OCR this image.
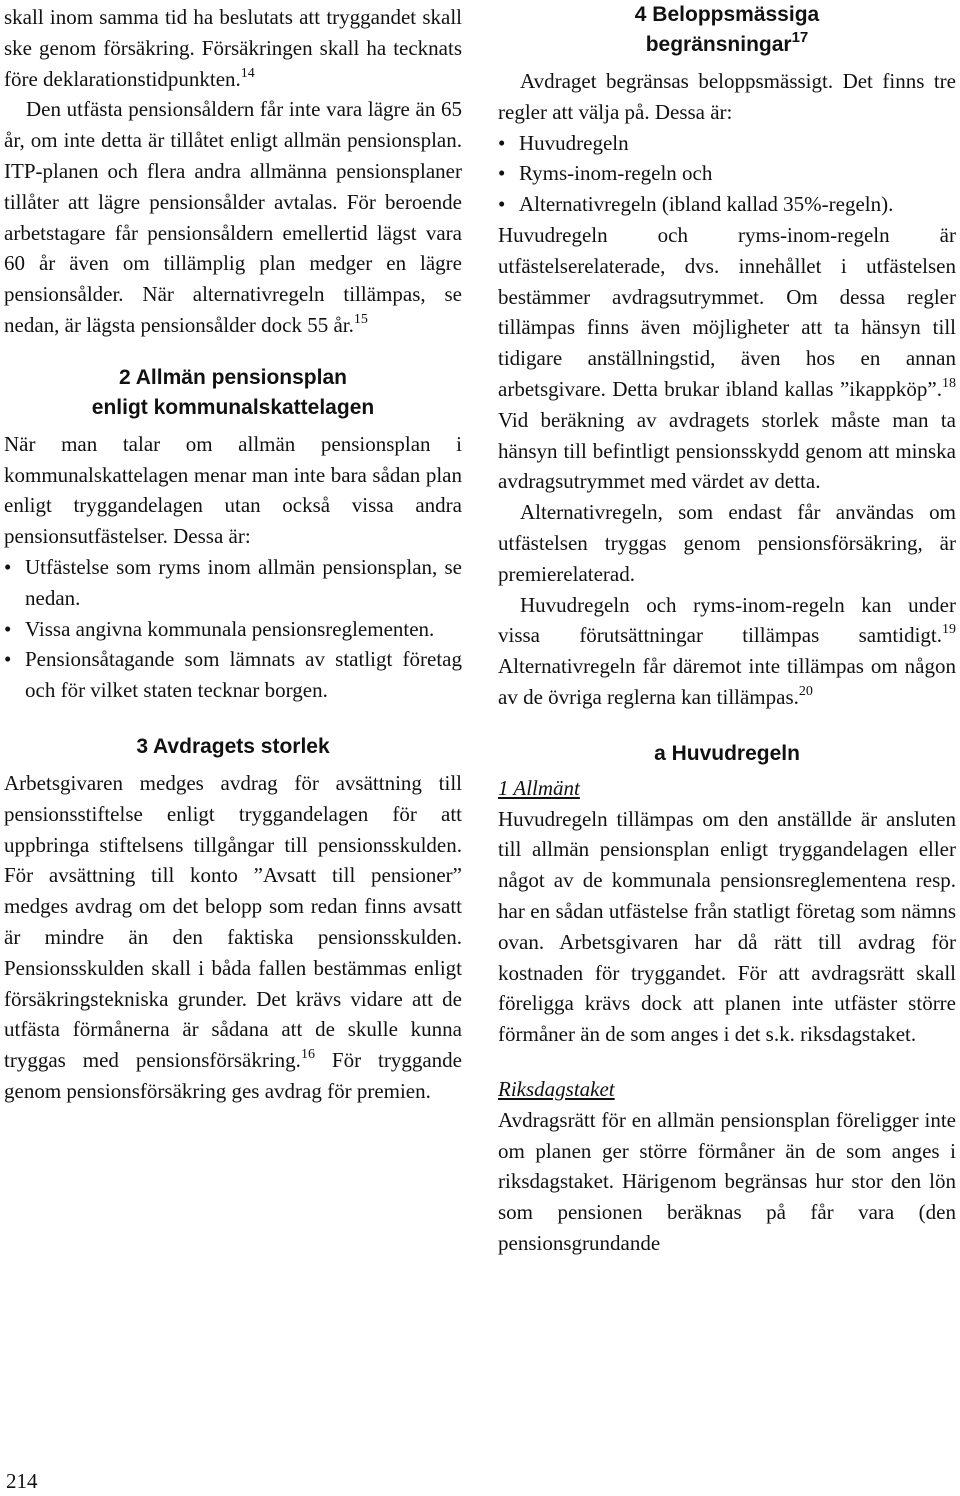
skall inom samma tid ha beslutats att tryggandet skall ske genom försäkring. Försäkringen skall ha tecknats före deklarationstidpunkten.$^{14}$

Den utfästa pensionsåldern får inte vara lägre än 65 år, om inte detta är tillåtet enligt allmän pensionsplan. ITP-planen och flera andra allmänna pensionsplaner tillåter att lägre pensionsålder avtalas. För beroende arbetstagare får pensionsåldern emellertid lägst vara 60 år även om tillämplig plan medger en lägre pensionsålder. När alternativregeln tillämpas, se nedan, är lägsta pensionsålder dock 55 år.$^{15}$

2 Allmän pensionsplan
enligt kommunalskattelagen

När man talar om allmän pensionsplan i kommunalskattelagen menar man inte bara sådan plan enligt tryggandelagen utan också vissa andra pensionsutfästelser. Dessa är:

• Utfästelse som ryms inom allmän pensionsplan, se nedan.
• Vissa angivna kommunala pensionsreglementen.
• Pensionsåtagande som lämnats av statligt företag och för vilket staten tecknar borgen.
3 Avdragets storlek

Arbetsgivaren medges avdrag för avsättning till pensionsstiftelse enligt tryggandelagen för att uppbringa stiftelsens tillgångar till pensionsskulden. För avsättning till konto ”Avsatt till pensioner” medges avdrag om det belopp som redan finns avsatt är mindre än den faktiska pensionsskulden. Pensionsskulden skall i båda fallen bestämmas enligt försäkringstekniska grunder. Det krävs vidare att de utfästa förmånerna är sådana att de skulle kunna tryggas med pensionsförsäkring.$^{16}$ För tryggande genom pensionsförsäkring ges avdrag för premien.

4 Beloppsmässiga
begränsningar$^{17}$

Avdraget begränsas beloppsmässigt. Det finns tre regler att välja på. Dessa är:

• Huvudregeln
• Ryms-inom-regeln och
• Alternativregeln (ibland kallad 35%-regeln).

Huvudregeln och ryms-inom-regeln är utfästelserelaterade, dvs. innehållet i utfästelsen bestämmer avdragsutrymmet. Om dessa regler tillämpas finns även möjligheter att ta hänsyn till tidigare anställningstid, även hos en annan arbetsgivare. Detta brukar ibland kallas ”ikappköp”.$^{18}$ Vid beräkning av avdragets storlek måste man ta hänsyn till befintligt pensionsskydd genom att minska avdragsutrymmet med värdet av detta.

Alternativregeln, som endast får användas om utfästelsen tryggas genom pensionsförsäkring, är premierelaterad.

Huvudregeln och ryms-inom-regeln kan under vissa förutsättningar tillämpas samtidigt.$^{19}$ Alternativregeln får däremot inte tillämpas om någon av de övriga reglerna kan tillämpas.$^{20}$

a Huvudregeln
1 Allmänt

Huvudregeln tillämpas om den anställde är ansluten till allmän pensionsplan enligt tryggandelagen eller något av de kommunala pensionsreglementena resp. har en sådan utfästelse från statligt företag som nämns ovan. Arbetsgivaren har då rätt till avdrag för kostnaden för tryggandet. För att avdragsrätt skall föreligga krävs dock att planen inte utfäster större förmåner än de som anges i det s.k. riksdagstaket.

Riksdagstaket

Avdragsrätt för en allmän pensionsplan föreligger inte om planen ger större förmåner än de som anges i riksdagstaket. Härigenom begränsas hur stor den lön som pensionen beräknas på får vara (den pensionsgrundande

214
